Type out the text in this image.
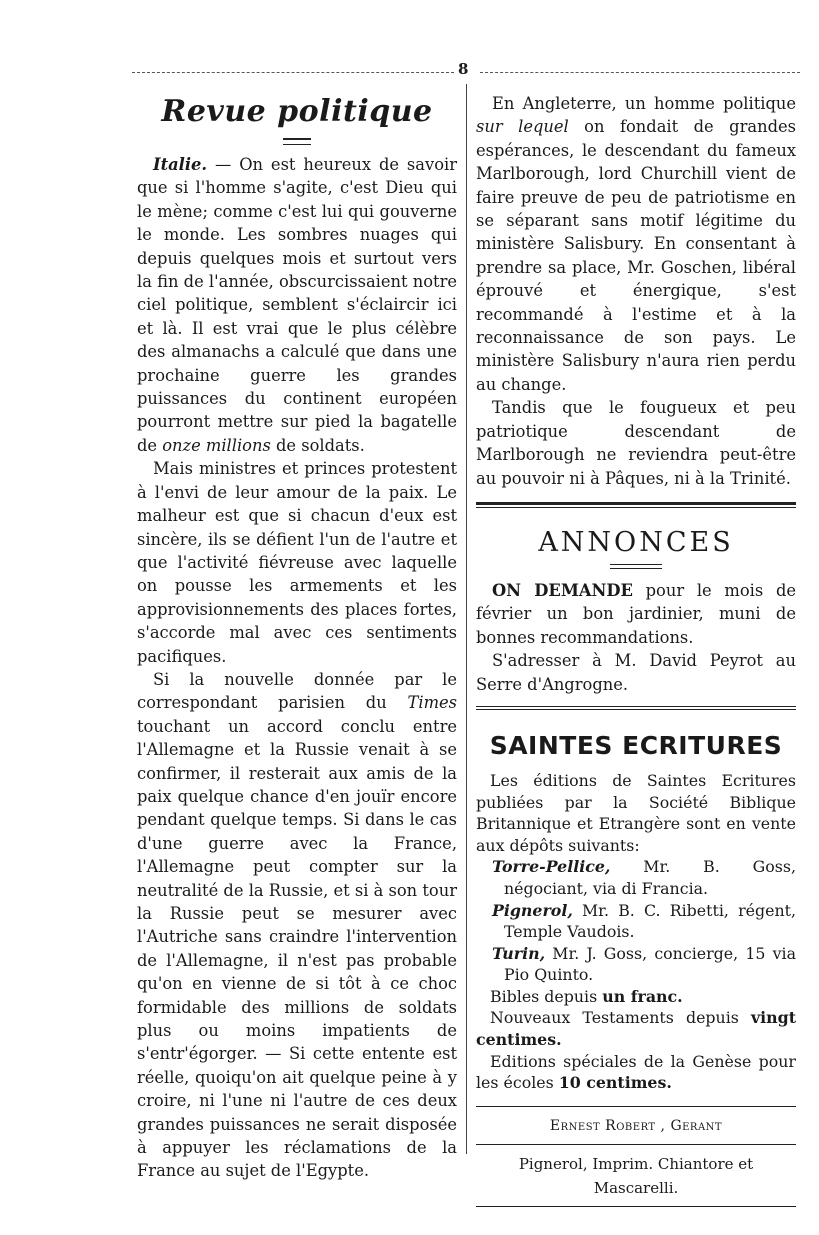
8
Revue politique

Italie. — On est heureux de savoir que si l'homme s'agite, c'est Dieu qui le mène; comme c'est lui qui gouverne le monde. Les sombres nuages qui depuis quelques mois et surtout vers la fin de l'année, obscurcissaient notre ciel politique, semblent s'éclaircir ici et là. Il est vrai que le plus célèbre des almanachs a calculé que dans une prochaine guerre les grandes puissances du continent européen pourront mettre sur pied la bagatelle de onze millions de soldats.

Mais ministres et princes protestent à l'envi de leur amour de la paix. Le malheur est que si chacun d'eux est sincère, ils se défient l'un de l'autre et que l'activité fiévreuse avec laquelle on pousse les armements et les approvisionnements des places fortes, s'accorde mal avec ces sentiments pacifiques.

Si la nouvelle donnée par le correspondant parisien du Times touchant un accord conclu entre l'Allemagne et la Russie venait à se confirmer, il resterait aux amis de la paix quelque chance d'en jouïr encore pendant quelque temps. Si dans le cas d'une guerre avec la France, l'Allemagne peut compter sur la neutralité de la Russie, et si à son tour la Russie peut se mesurer avec l'Autriche sans craindre l'intervention de l'Allemagne, il n'est pas probable qu'on en vienne de si tôt à ce choc formidable des millions de soldats plus ou moins impatients de s'entr'égorger. — Si cette entente est réelle, quoiqu'on ait quelque peine à y croire, ni l'une ni l'autre de ces deux grandes puissances ne serait disposée à appuyer les réclamations de la France au sujet de l'Egypte.

En Angleterre, un homme politique sur lequel on fondait de grandes espérances, le descendant du fameux Marlborough, lord Churchill vient de faire preuve de peu de patriotisme en se séparant sans motif légitime du ministère Salisbury. En consentant à prendre sa place, Mr. Goschen, libéral éprouvé et énergique, s'est recommandé à l'estime et à la reconnaissance de son pays. Le ministère Salisbury n'aura rien perdu au change.

Tandis que le fougueux et peu patriotique descendant de Marlborough ne reviendra peut-être au pouvoir ni à Pâques, ni à la Trinité.

ANNONCES

ON DEMANDE pour le mois de février un bon jardinier, muni de bonnes recommandations.

S'adresser à M. David Peyrot au Serre d'Angrogne.

SAINTES ECRITURES

Les éditions de Saintes Ecritures publiées par la Société Biblique Britannique et Etrangère sont en vente aux dépôts suivants:

Torre-Pellice, Mr. B. Goss, négociant, via di Francia.

Pignerol, Mr. B. C. Ribetti, régent, Temple Vaudois.

Turin, Mr. J. Goss, concierge, 15 via Pio Quinto.

Bibles depuis un franc.

Nouveaux Testaments depuis vingt centimes.

Editions spéciales de la Genèse pour les écoles 10 centimes.

Ernest Robert , Gerant
Pignerol, Imprim. Chiantore et Mascarelli.
